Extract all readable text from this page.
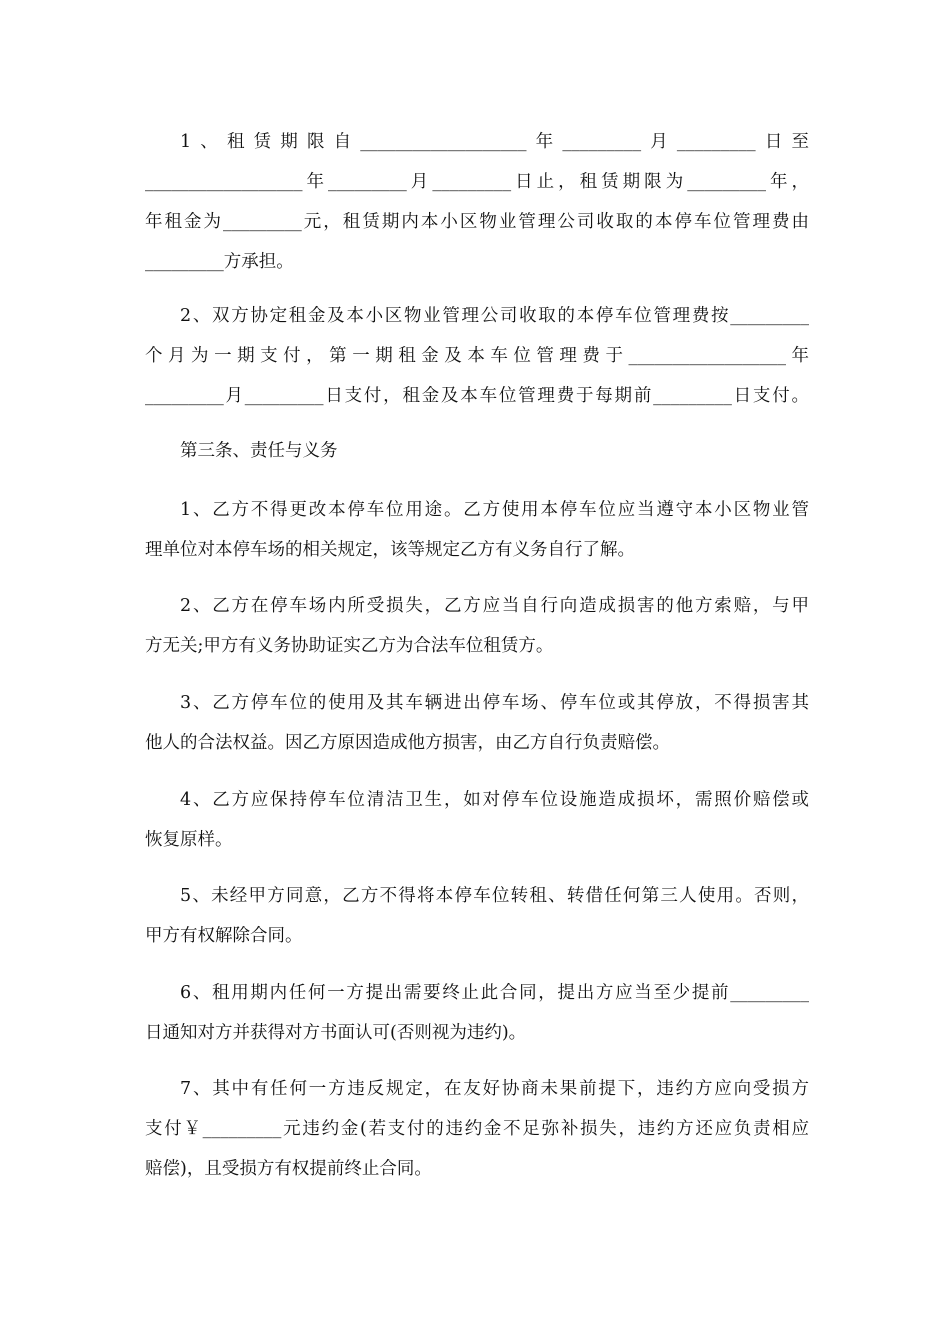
1、租赁期限自___________________年_________月_________日至
__________________年_________月_________日止，租赁期限为_________年，
年租金为_________元，租赁期内本小区物业管理公司收取的本停车位管理费由
_________方承担。
2、双方协定租金及本小区物业管理公司收取的本停车位管理费按_________
个月为一期支付，第一期租金及本车位管理费于__________________年
_________月_________日支付，租金及本车位管理费于每期前_________日支付。
第三条、责任与义务
1、乙方不得更改本停车位用途。乙方使用本停车位应当遵守本小区物业管
理单位对本停车场的相关规定，该等规定乙方有义务自行了解。
2、乙方在停车场内所受损失，乙方应当自行向造成损害的他方索赔，与甲
方无关;甲方有义务协助证实乙方为合法车位租赁方。
3、乙方停车位的使用及其车辆进出停车场、停车位或其停放，不得损害其
他人的合法权益。因乙方原因造成他方损害，由乙方自行负责赔偿。
4、乙方应保持停车位清洁卫生，如对停车位设施造成损坏，需照价赔偿或
恢复原样。
5、未经甲方同意，乙方不得将本停车位转租、转借任何第三人使用。否则，
甲方有权解除合同。
6、租用期内任何一方提出需要终止此合同，提出方应当至少提前_________
日通知对方并获得对方书面认可(否则视为违约)。
7、其中有任何一方违反规定，在友好协商未果前提下，违约方应向受损方
支付￥_________元违约金(若支付的违约金不足弥补损失，违约方还应负责相应
赔偿)，且受损方有权提前终止合同。
